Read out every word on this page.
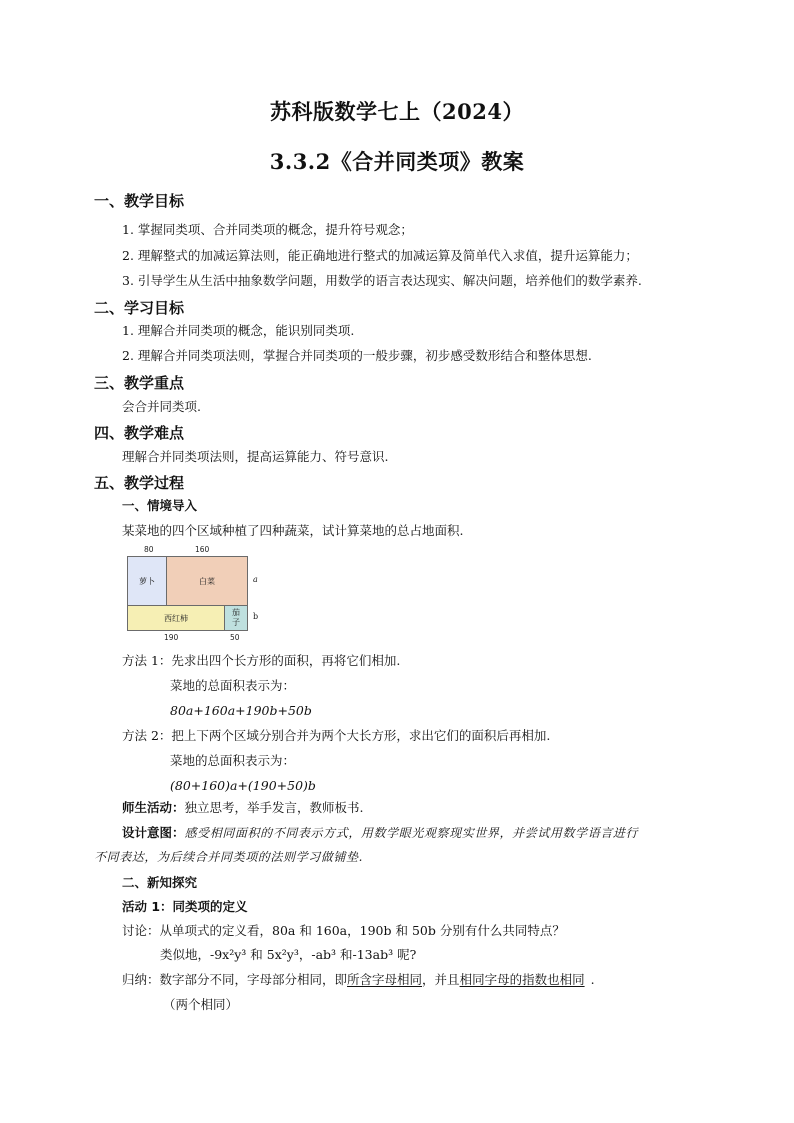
苏科版数学七上（2024）
3.3.2《合并同类项》教案
一、教学目标
1. 掌握同类项、合并同类项的概念，提升符号观念；
2. 理解整式的加减运算法则，能正确地进行整式的加减运算及简单代入求值，提升运算能力；
3. 引导学生从生活中抽象数学问题，用数学的语言表达现实、解决问题，培养他们的数学素养.
二、学习目标
1. 理解合并同类项的概念，能识别同类项.
2. 理解合并同类项法则，掌握合并同类项的一般步骤，初步感受数形结合和整体思想.
三、教学重点
会合并同类项.
四、教学难点
理解合并同类项法则，提高运算能力、符号意识.
五、教学过程
一、情境导入
某菜地的四个区域种植了四种蔬菜，试计算菜地的总占地面积.
80	160
萝卜	白菜
西红柿
茄子
a
b
190	50
方法 1：先求出四个长方形的面积，再将它们相加.
菜地的总面积表示为：
80a+160a+190b+50b
方法 2：把上下两个区域分别合并为两个大长方形，求出它们的面积后再相加.
菜地的总面积表示为：
(80+160)a+(190+50)b
师生活动：独立思考，举手发言，教师板书.
设计意图：感受相同面积的不同表示方式，用数学眼光观察现实世界，并尝试用数学语言进行
不同表达，为后续合并同类项的法则学习做铺垫.
二、新知探究
活动 1：同类项的定义
讨论：从单项式的定义看，80a 和 160a，190b 和 50b 分别有什么共同特点？
类似地，-9x²y³ 和 5x²y³，-ab³ 和-13ab³ 呢?
归纳：数字部分不同，字母部分相同，即所含字母相同，并且相同字母的指数也相同 .
（两个相同）
